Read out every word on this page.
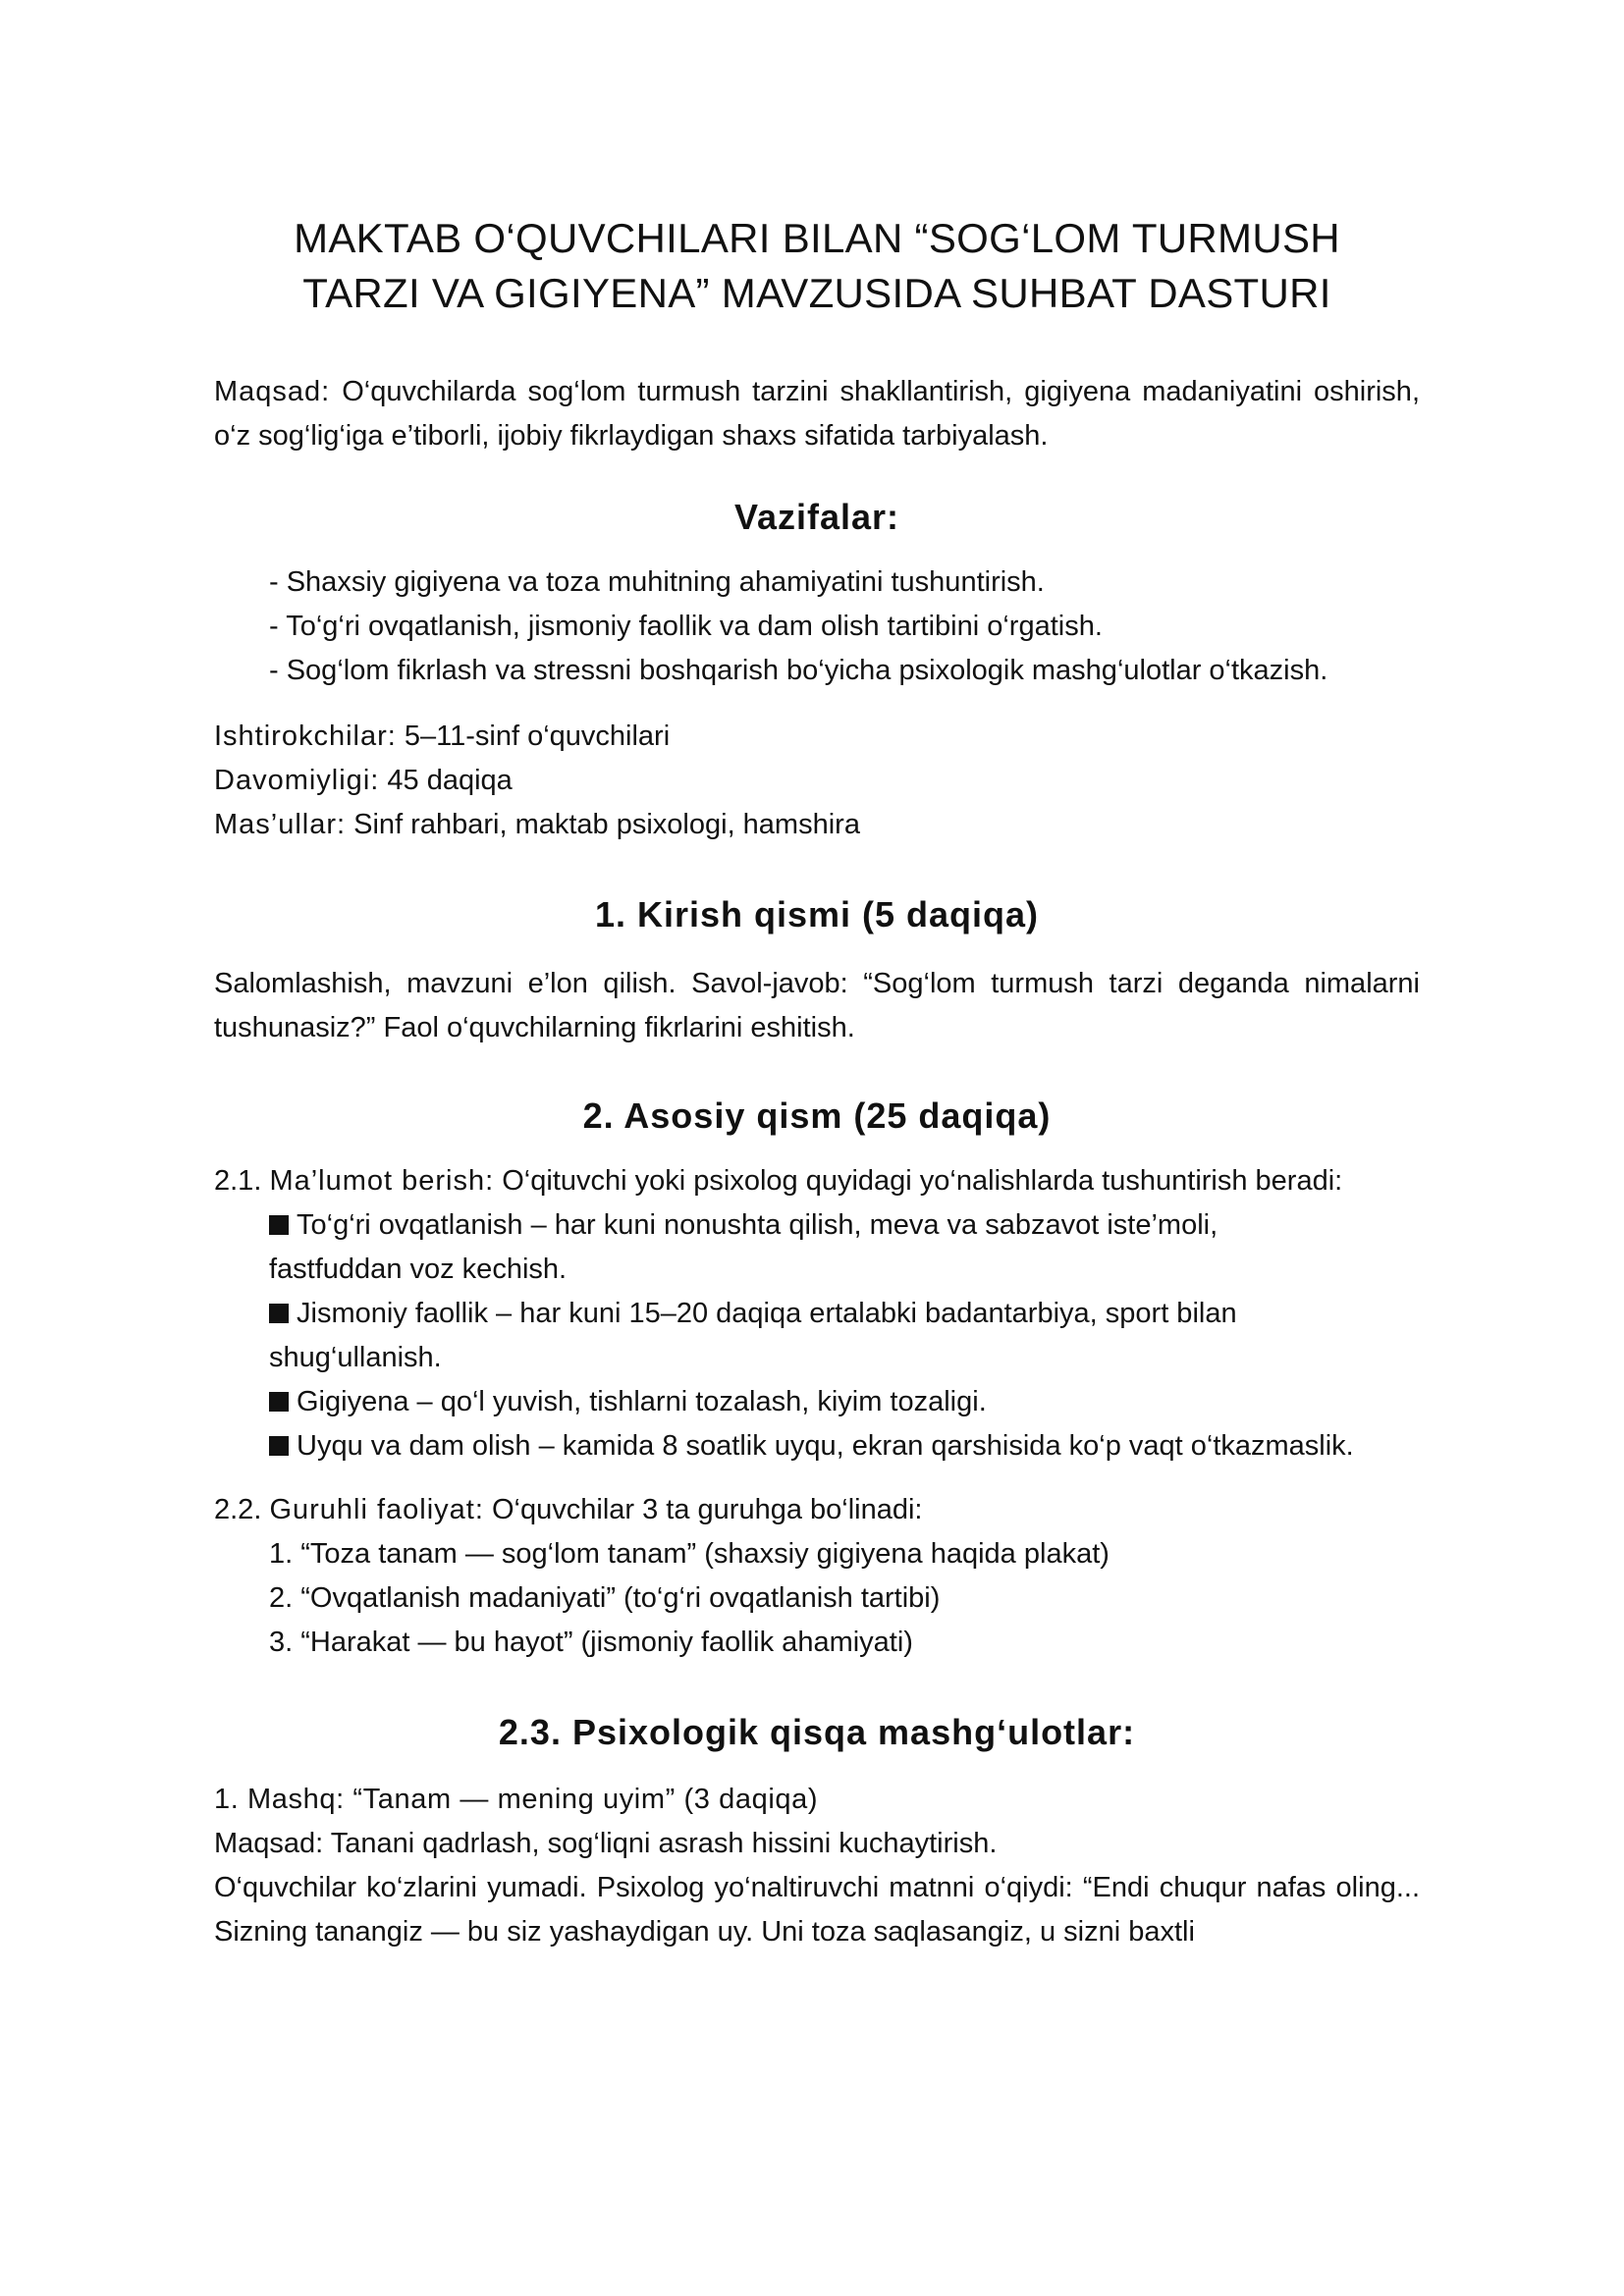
MAKTAB O‘QUVCHILARI BILAN “SOG‘LOM TURMUSH
TARZI VA GIGIYENA” MAVZUSIDA SUHBAT DASTURI

Maqsad: O‘quvchilarda sog‘lom turmush tarzini shakllantirish, gigiyena madaniyatini oshirish, o‘z sog‘lig‘iga e’tiborli, ijobiy fikrlaydigan shaxs sifatida tarbiyalash.

Vazifalar:
- Shaxsiy gigiyena va toza muhitning ahamiyatini tushuntirish.
- To‘g‘ri ovqatlanish, jismoniy faollik va dam olish tartibini o‘rgatish.
- Sog‘lom fikrlash va stressni boshqarish bo‘yicha psixologik mashg‘ulotlar o‘tkazish.
Ishtirokchilar: 5–11-sinf o‘quvchilari
Davomiyligi: 45 daqiqa
Mas’ullar: Sinf rahbari, maktab psixologi, hamshira
1. Kirish qismi (5 daqiqa)

Salomlashish, mavzuni e’lon qilish. Savol-javob: “Sog‘lom turmush tarzi deganda nimalarni tushunasiz?” Faol o‘quvchilarning fikrlarini eshitish.

2. Asosiy qism (25 daqiqa)
2.1. Ma’lumot berish: O‘qituvchi yoki psixolog quyidagi yo‘nalishlarda tushuntirish beradi:
To‘g‘ri ovqatlanish – har kuni nonushta qilish, meva va sabzavot iste’moli,
fastfuddan voz kechish.
Jismoniy faollik – har kuni 15–20 daqiqa ertalabki badantarbiya, sport bilan
shug‘ullanish.
Gigiyena – qo‘l yuvish, tishlarni tozalash, kiyim tozaligi.
Uyqu va dam olish – kamida 8 soatlik uyqu, ekran qarshisida ko‘p vaqt o‘tkazmaslik.
2.2. Guruhli faoliyat: O‘quvchilar 3 ta guruhga bo‘linadi:
1. “Toza tanam — sog‘lom tanam” (shaxsiy gigiyena haqida plakat)
2. “Ovqatlanish madaniyati” (to‘g‘ri ovqatlanish tartibi)
3. “Harakat — bu hayot” (jismoniy faollik ahamiyati)
2.3. Psixologik qisqa mashg‘ulotlar:
1. Mashq: “Tanam — mening uyim” (3 daqiqa)
Maqsad: Tanani qadrlash, sog‘liqni asrash hissini kuchaytirish.

O‘quvchilar ko‘zlarini yumadi. Psixolog yo‘naltiruvchi matnni o‘qiydi: “Endi chuqur nafas oling... Sizning tanangiz — bu siz yashaydigan uy. Uni toza saqlasangiz, u sizni baxtli
